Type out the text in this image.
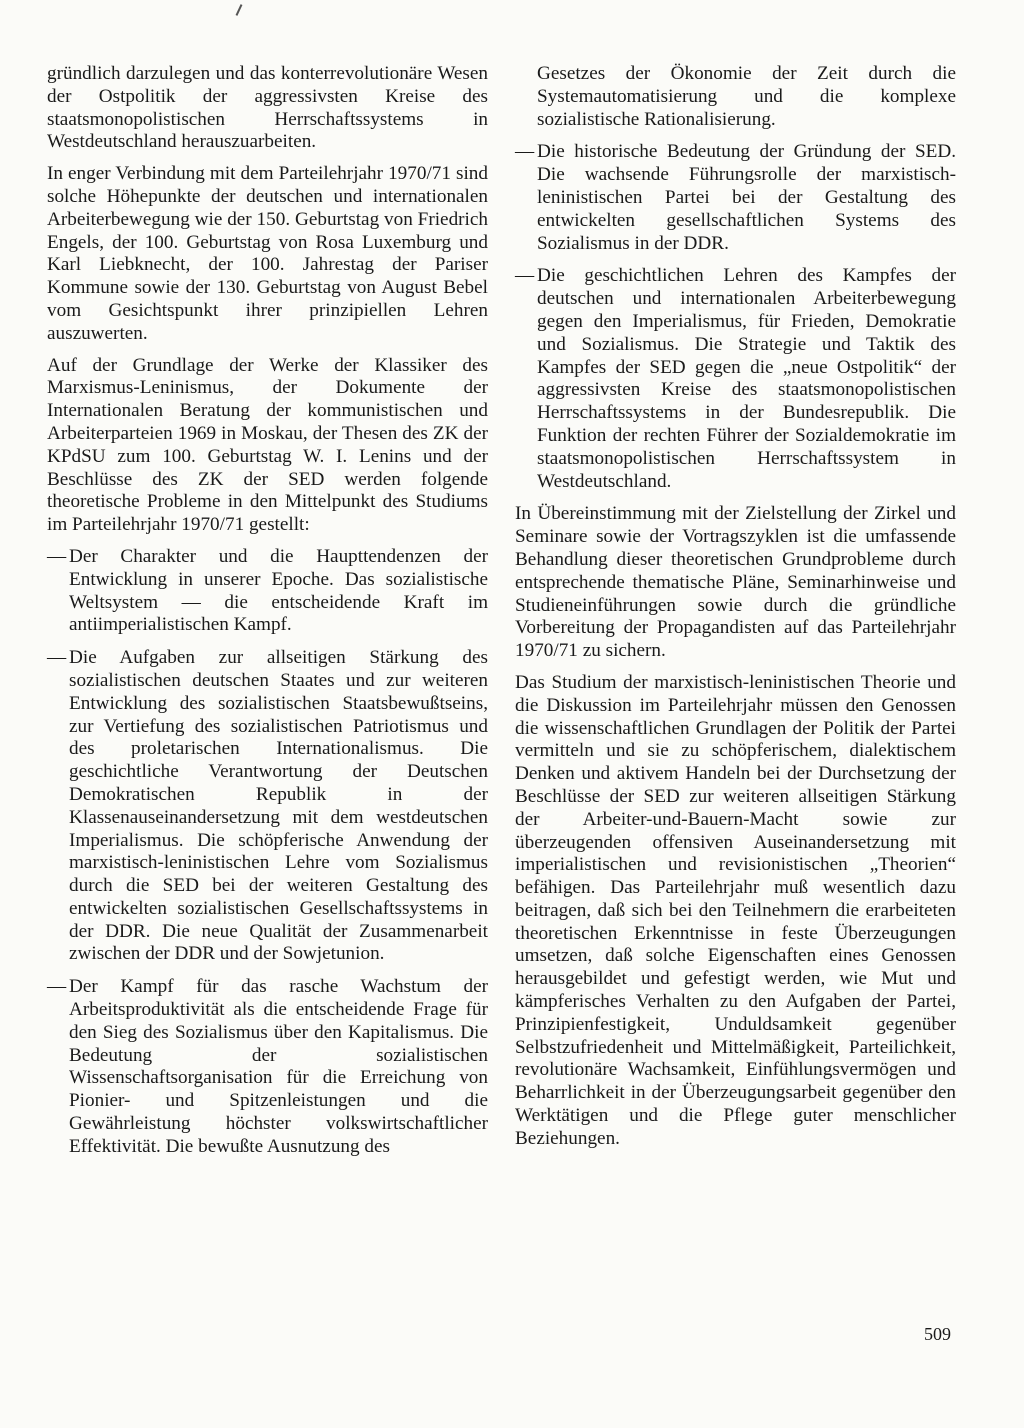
gründlich darzulegen und das konterrevolutionäre Wesen der Ostpolitik der aggressivsten Kreise des staatsmonopolistischen Herrschaftssystems in Westdeutschland herauszuarbeiten.

In enger Verbindung mit dem Parteilehrjahr 1970/71 sind solche Höhepunkte der deutschen und internationalen Arbeiterbewegung wie der 150. Geburtstag von Friedrich Engels, der 100. Geburtstag von Rosa Luxemburg und Karl Liebknecht, der 100. Jahrestag der Pariser Kommune sowie der 130. Geburtstag von August Bebel vom Gesichtspunkt ihrer prinzipiellen Lehren auszuwerten.

Auf der Grundlage der Werke der Klassiker des Marxismus-Leninismus, der Dokumente der Internationalen Beratung der kommunistischen und Arbeiterparteien 1969 in Moskau, der Thesen des ZK der KPdSU zum 100. Geburtstag W. I. Lenins und der Beschlüsse des ZK der SED werden folgende theoretische Probleme in den Mittelpunkt des Studiums im Parteilehrjahr 1970/71 gestellt:

— Der Charakter und die Haupttendenzen der Entwicklung in unserer Epoche. Das sozialistische Weltsystem — die entscheidende Kraft im antiimperialistischen Kampf.
— Die Aufgaben zur allseitigen Stärkung des sozialistischen deutschen Staates und zur weiteren Entwicklung des sozialistischen Staatsbewußtseins, zur Vertiefung des sozialistischen Patriotismus und des proletarischen Internationalismus. Die geschichtliche Verantwortung der Deutschen Demokratischen Republik in der Klassenauseinandersetzung mit dem westdeutschen Imperialismus. Die schöpferische Anwendung der marxistisch-leninistischen Lehre vom Sozialismus durch die SED bei der weiteren Gestaltung des entwickelten sozialistischen Gesellschaftssystems in der DDR. Die neue Qualität der Zusammenarbeit zwischen der DDR und der Sowjetunion.
— Der Kampf für das rasche Wachstum der Arbeitsproduktivität als die entscheidende Frage für den Sieg des Sozialismus über den Kapitalismus. Die Bedeutung der sozialistischen Wissenschaftsorganisation für die Erreichung von Pionier- und Spitzenleistungen und die Gewährleistung höchster volkswirtschaftlicher Effektivität. Die bewußte Ausnutzung des
Gesetzes der Ökonomie der Zeit durch die Systemautomatisierung und die komplexe sozialistische Rationalisierung.
— Die historische Bedeutung der Gründung der SED. Die wachsende Führungsrolle der marxistisch-leninistischen Partei bei der Gestaltung des entwickelten gesellschaftlichen Systems des Sozialismus in der DDR.
— Die geschichtlichen Lehren des Kampfes der deutschen und internationalen Arbeiterbewegung gegen den Imperialismus, für Frieden, Demokratie und Sozialismus. Die Strategie und Taktik des Kampfes der SED gegen die „neue Ostpolitik“ der aggressivsten Kreise des staatsmonopolistischen Herrschaftssystems in der Bundesrepublik. Die Funktion der rechten Führer der Sozialdemokratie im staatsmonopolistischen Herrschaftssystem in Westdeutschland.

In Übereinstimmung mit der Zielstellung der Zirkel und Seminare sowie der Vortragszyklen ist die umfassende Behandlung dieser theoretischen Grundprobleme durch entsprechende thematische Pläne, Seminarhinweise und Studieneinführungen sowie durch die gründliche Vorbereitung der Propagandisten auf das Parteilehrjahr 1970/71 zu sichern.

Das Studium der marxistisch-leninistischen Theorie und die Diskussion im Parteilehrjahr müssen den Genossen die wissenschaftlichen Grundlagen der Politik der Partei vermitteln und sie zu schöpferischem, dialektischem Denken und aktivem Handeln bei der Durchsetzung der Beschlüsse der SED zur weiteren allseitigen Stärkung der Arbeiter-und-Bauern-Macht sowie zur überzeugenden offensiven Auseinandersetzung mit imperialistischen und revisionistischen „Theorien“ befähigen. Das Parteilehrjahr muß wesentlich dazu beitragen, daß sich bei den Teilnehmern die erarbeiteten theoretischen Erkenntnisse in feste Überzeugungen umsetzen, daß solche Eigenschaften eines Genossen herausgebildet und gefestigt werden, wie Mut und kämpferisches Verhalten zu den Aufgaben der Partei, Prinzipienfestigkeit, Unduldsamkeit gegenüber Selbstzufriedenheit und Mittelmäßigkeit, Parteilichkeit, revolutionäre Wachsamkeit, Einfühlungsvermögen und Beharrlichkeit in der Überzeugungsarbeit gegenüber den Werktätigen und die Pflege guter menschlicher Beziehungen.

509
